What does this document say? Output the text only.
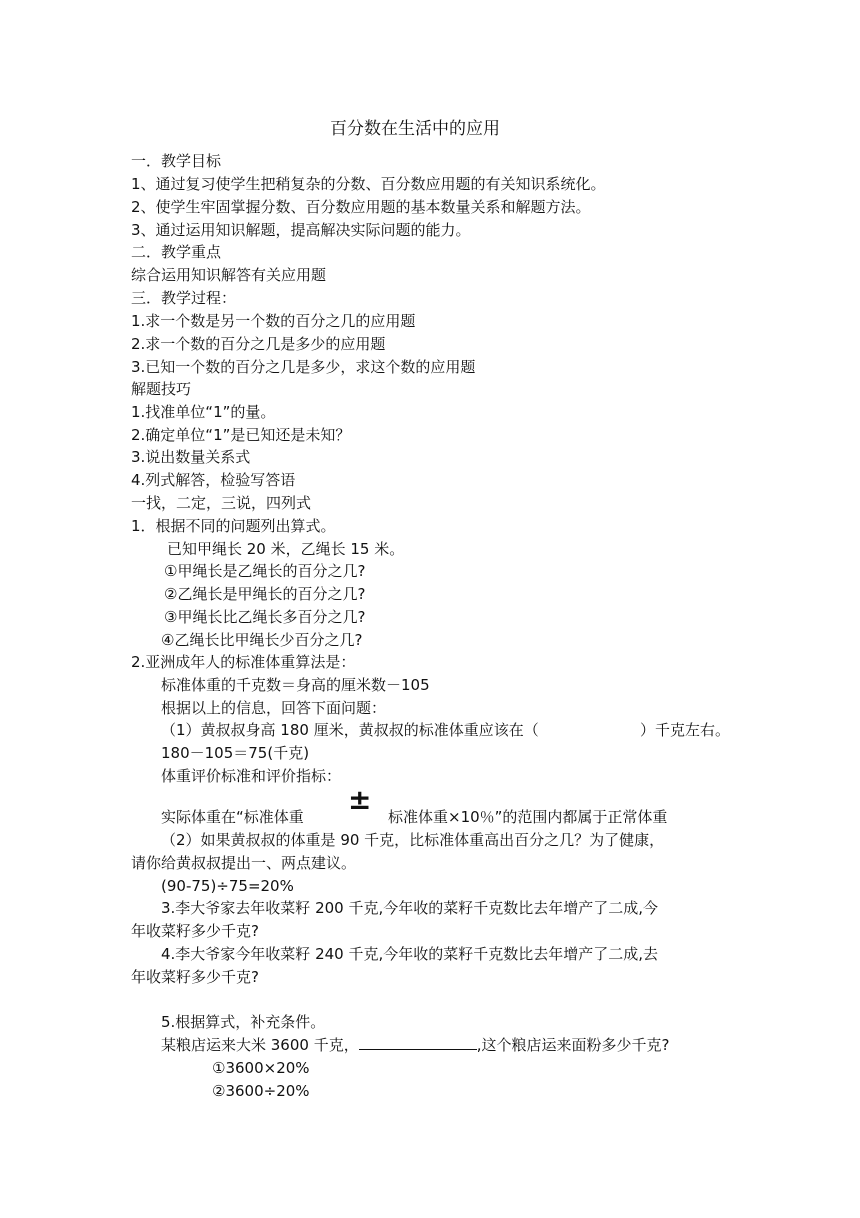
百分数在生活中的应用
一．教学目标
1、通过复习使学生把稍复杂的分数、百分数应用题的有关知识系统化。
2、使学生牢固掌握分数、百分数应用题的基本数量关系和解题方法。
3、通过运用知识解题，提高解决实际问题的能力。
二．教学重点
综合运用知识解答有关应用题
三．教学过程：
1.求一个数是另一个数的百分之几的应用题
2.求一个数的百分之几是多少的应用题
3.已知一个数的百分之几是多少，求这个数的应用题
解题技巧
1.找准单位“1”的量。
2.确定单位“1”是已知还是未知？
3.说出数量关系式
4.列式解答，检验写答语
一找，二定，三说，四列式
1．根据不同的问题列出算式。
已知甲绳长 20 米，乙绳长 15 米。
①甲绳长是乙绳长的百分之几?
②乙绳长是甲绳长的百分之几?
③甲绳长比乙绳长多百分之几?
④乙绳长比甲绳长少百分之几?
2.亚洲成年人的标准体重算法是：
标准体重的千克数＝身高的厘米数－105
根据以上的信息，回答下面问题：
（1）黄叔叔身高 180 厘米，黄叔叔的标准体重应该在（	）千克左右。
180－105＝75(千克)
体重评价标准和评价指标：
实际体重在“标准体重
±
标准体重×10％”的范围内都属于正常体重
（2）如果黄叔叔的体重是 90 千克，比标准体重高出百分之几？为了健康，
请你给黄叔叔提出一、两点建议。
(90-75)÷75=20%
3.李大爷家去年收菜籽 200 千克,今年收的菜籽千克数比去年增产了二成,今
年收菜籽多少千克?
4.李大爷家今年收菜籽 240 千克,今年收的菜籽千克数比去年增产了二成,去
年收菜籽多少千克?
5.根据算式，补充条件。
某粮店运来大米 3600 千克，	,这个粮店运来面粉多少千克?
①3600×20%
②3600÷20%
